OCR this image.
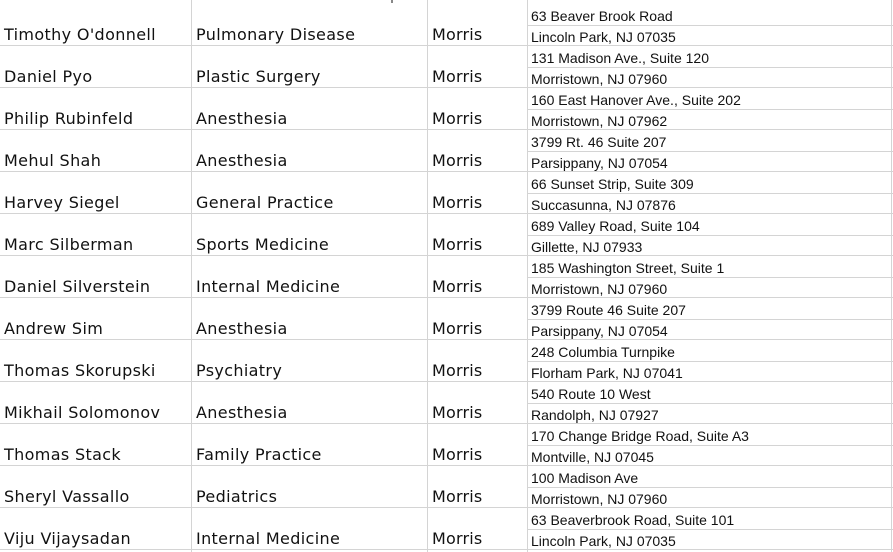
Timothy O'donnell	Pulmonary Disease	Morris
63 Beaver Brook Road
Lincoln Park, NJ 07035
Daniel Pyo	Plastic Surgery	Morris
131 Madison Ave., Suite 120
Morristown, NJ 07960
Philip Rubinfeld	Anesthesia	Morris
160 East Hanover Ave., Suite 202
Morristown, NJ 07962
Mehul Shah	Anesthesia	Morris
3799 Rt. 46 Suite 207
Parsippany, NJ 07054
Harvey Siegel	General Practice	Morris
66 Sunset Strip, Suite 309
Succasunna, NJ 07876
Marc Silberman	Sports Medicine	Morris
689 Valley Road, Suite 104
Gillette, NJ 07933
Daniel Silverstein	Internal Medicine	Morris
185 Washington Street, Suite 1
Morristown, NJ 07960
Andrew Sim	Anesthesia	Morris
3799 Route 46 Suite 207
Parsippany, NJ 07054
Thomas Skorupski	Psychiatry	Morris
248 Columbia Turnpike
Florham Park, NJ 07041
Mikhail Solomonov Anesthesia	Morris
540 Route 10 West
Randolph, NJ 07927
Thomas Stack	Family Practice	Morris
170 Change Bridge Road, Suite A3
Montville, NJ 07045
Sheryl Vassallo	Pediatrics	Morris
100 Madison Ave
Morristown, NJ 07960
Viju Vijaysadan	Internal Medicine	Morris
63 Beaverbrook Road, Suite 101
Lincoln Park, NJ 07035
